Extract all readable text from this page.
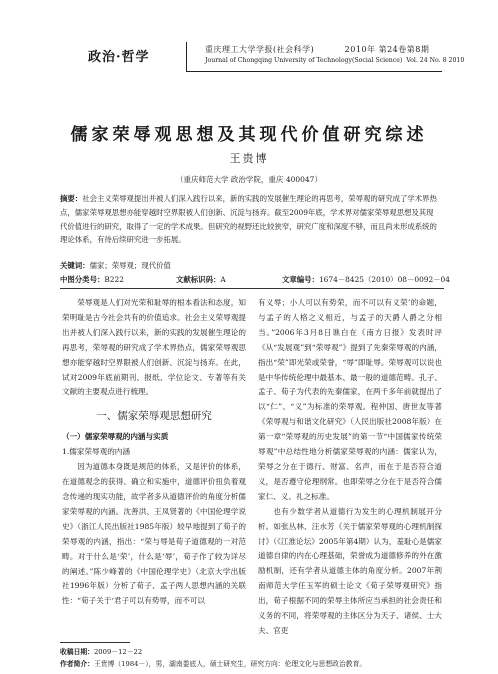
政治·哲学
重庆理工大学学报(社会科学)          2010年 第24卷第8期
Journal of Chongqing University of Technology(Social Science)  Vol. 24 No. 8 2010
儒家荣辱观思想及其现代价值研究综述
王贵博
（重庆师范大学 政治学院，重庆 400047）
摘要：社会主义荣辱观提出并被人们深入践行以来，新的实践的发展催生理论的再思考，荣辱观的研究成了学术界热点，儒家荣辱观思想亦能穿越时空界限被人们创新、沉淀与扬弃。截至2009年底，学术界对儒家荣辱观思想及其现代价值进行的研究，取得了一定的学术成果。但研究的视野还比较狭窄，研究广度和深度不够，而且尚未形成系统的理论体系，有待后续研究进一步拓展。
关键词：儒家；荣辱观；现代价值
中图分类号：B222	文献标识码：A	文章编号：1674－8425（2010）08－0092－04

荣辱观是人们对光荣和耻辱的根本看法和态度，知荣明耻是古今社会共有的价值追求。社会主义荣辱观提出并被人们深入践行以来，新的实践的发展催生理论的再思考，荣辱观的研究成了学术界热点，儒家荣辱观思想亦能穿越时空界限被人们创新、沉淀与扬弃。在此，试对2009年底前期刊、报纸、学位论文、专著等有关文献的主要观点进行梳理。

一、儒家荣辱观思想研究

（一）儒家荣辱观的内涵与实质

1.儒家荣辱观的内涵

因为道德本身既是规范的体系，又是评价的体系，在道德观念的获得、确立和实施中，道德评价扭负着观念传递的现实功能，故学者多从道德评价的角度分析儒家荣辱观的内涵。沈善洪、王凤贤著的《中国伦理学说史》（浙江人民出版社1985年版）较早地提到了荀子的荣辱观的内涵，指出：“荣与辱是荀子道德观的一对范畴。对于什么是‘荣’，什么是‘辱’，荀子作了较为详尽的阐述。”陈少峰著的《中国伦理学史》（北京大学出版社1996年版）分析了荀子、孟子两人思想内涵的关联性：“荀子关于‘君子可以有势辱，而不可以

有义辱；小人可以有势荣，而不可以有义荣’的命题，与孟子的人格之义相近，与孟子的天爵人爵之分相当。”2006年3月8日谯白在《南方日报》发表时评《从“发展观”到“荣辱观”》提到了先秦荣辱观的内涵，指出“荣”即光荣或荣誉，“辱”即耻辱。荣辱观可以说也是中华传统伦理中最基本、最一般的道德范畴。孔子、孟子、荀子为代表的先秦儒家，在两千多年前就提出了以“仁”、“义”为标准的荣辱观。程仲国、唐世友等著《荣辱观与和谐文化研究》（人民出版社2008年版）在第一章“荣辱观的历史发展”的第一节“中国儒家传统荣辱观”中总结性地分析儒家荣辱观的内涵：儒家认为，荣辱之分在于德行、财富、名声，而在于是否符合道义，是否遵守伦理纲常。也即荣辱之分在于是否符合儒家仁、义、礼之标准。

也有少数学者从道德行为发生的心理机制展开分析。如张丛林、汪水芳《关于儒家荣辱观的心理机制探讨》（《江淮论坛》2005年第4期）认为，羞耻心是儒家道德自律的内在心理基础，荣誉成为道德修养的外在激励机制，还有学者从道德主体的角度分析。2007年荆南师范大学任玉军的硕士论文《荀子荣辱观研究》指出，荀子根据不同的荣辱主体所应当承担的社会责任和义务的不同，将荣辱观的主体区分为天子、诸侯、士大夫、官吏

收稿日期：2009－12－22
作者简介：王贵博（1984－），男，湖南娄底人，硕士研究生，研究方向：伦理文化与思想政治教育。
